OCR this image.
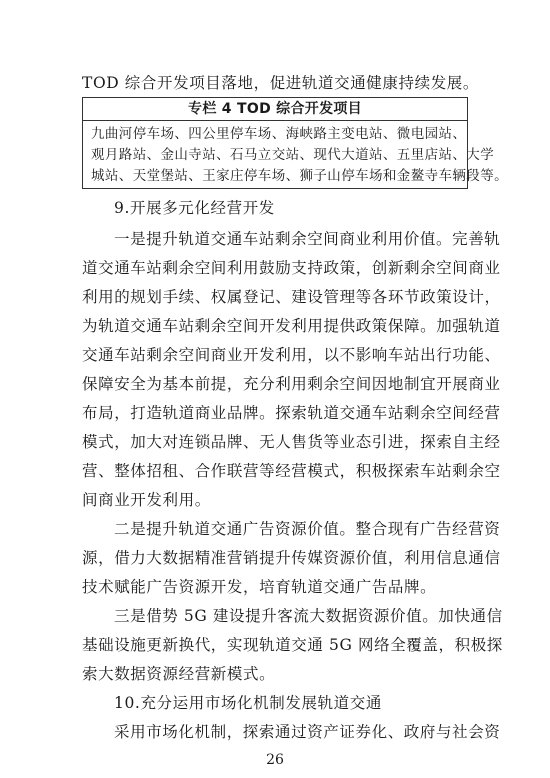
TOD 综合开发项目落地，促进轨道交通健康持续发展。
专栏 4 TOD 综合开发项目
九曲河停车场、四公里停车场、海峡路主变电站、微电园站、
观月路站、金山寺站、石马立交站、现代大道站、五里店站、大学
城站、天堂堡站、王家庄停车场、狮子山停车场和金鳌寺车辆段等。
9.开展多元化经营开发
一是提升轨道交通车站剩余空间商业利用价值。完善轨
道交通车站剩余空间利用鼓励支持政策，创新剩余空间商业
利用的规划手续、权属登记、建设管理等各环节政策设计，
为轨道交通车站剩余空间开发利用提供政策保障。加强轨道
交通车站剩余空间商业开发利用，以不影响车站出行功能、
保障安全为基本前提，充分利用剩余空间因地制宜开展商业
布局，打造轨道商业品牌。探索轨道交通车站剩余空间经营
模式，加大对连锁品牌、无人售货等业态引进，探索自主经
营、整体招租、合作联营等经营模式，积极探索车站剩余空
间商业开发利用。
二是提升轨道交通广告资源价值。整合现有广告经营资
源，借力大数据精准营销提升传媒资源价值，利用信息通信
技术赋能广告资源开发，培育轨道交通广告品牌。
三是借势 5G 建设提升客流大数据资源价值。加快通信
基础设施更新换代，实现轨道交通 5G 网络全覆盖，积极探
索大数据资源经营新模式。
10.充分运用市场化机制发展轨道交通
采用市场化机制，探索通过资产证券化、政府与社会资
26
